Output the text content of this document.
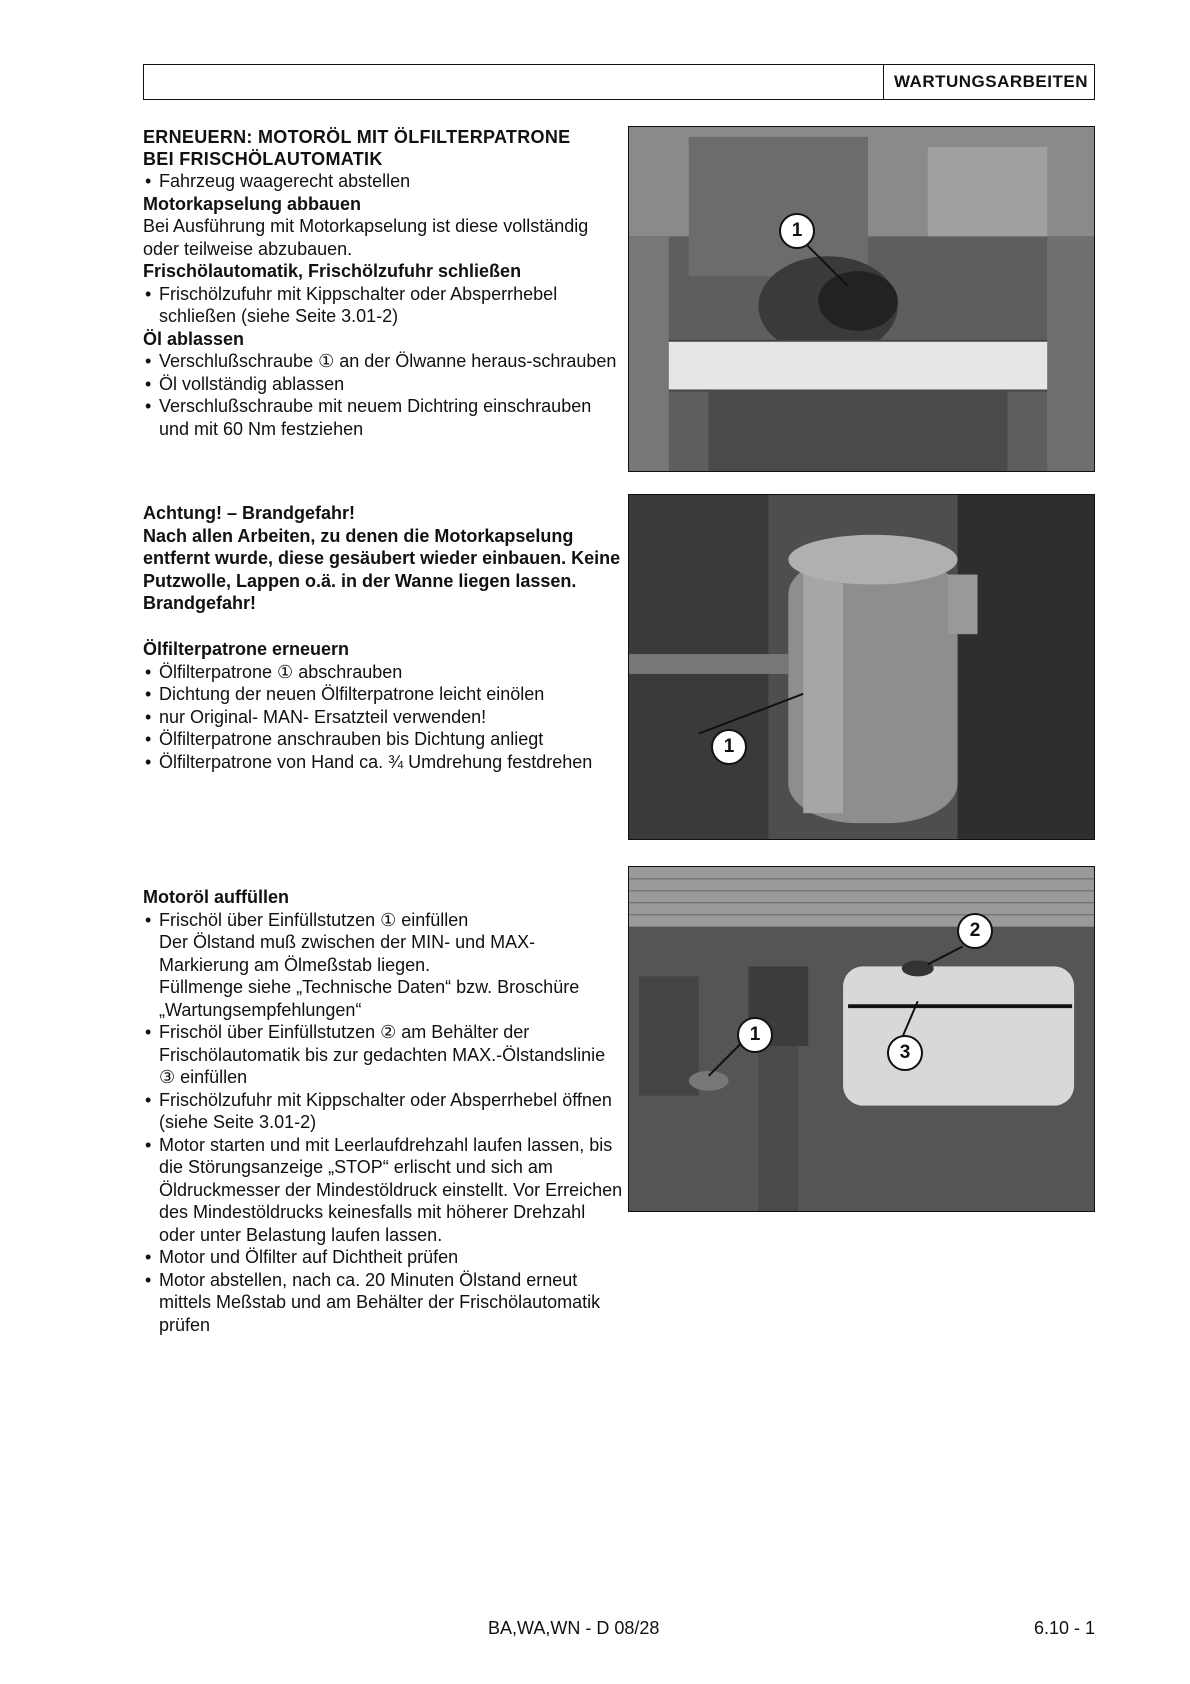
WARTUNGSARBEITEN
ERNEUERN: MOTORÖL MIT ÖLFILTERPATRONE
BEI FRISCHÖLAUTOMATIK
• Fahrzeug waagerecht abstellen
Motorkapselung abbauen

Bei Ausführung mit Motorkapselung ist diese vollständig oder teilweise abzubauen.

Frischölautomatik, Frischölzufuhr schließen
• Frischölzufuhr mit Kippschalter oder Absperrhebel schließen (siehe Seite 3.01-2)
Öl ablassen
• Verschlußschraube ① an der Ölwanne heraus-schrauben
• Öl vollständig ablassen
• Verschlußschraube mit neuem Dichtring einschrauben und mit 60 Nm festziehen

Achtung! – Brandgefahr!

Nach allen Arbeiten, zu denen die Motorkapselung entfernt wurde, diese gesäubert wieder einbauen. Keine Putzwolle, Lappen o.ä. in der Wanne liegen lassen. Brandgefahr!

Ölfilterpatrone erneuern
• Ölfilterpatrone ① abschrauben
• Dichtung der neuen Ölfilterpatrone leicht einölen
• nur Original- MAN- Ersatzteil verwenden!
• Ölfilterpatrone anschrauben bis Dichtung anliegt
• Ölfilterpatrone von Hand ca. ¾ Umdrehung festdrehen
Motoröl auffüllen
• Frischöl über Einfüllstutzen ① einfüllen
Der Ölstand muß zwischen der MIN- und MAX-Markierung am Ölmeßstab liegen.
Füllmenge siehe „Technische Daten“ bzw. Broschüre „Wartungsempfehlungen“
• Frischöl über Einfüllstutzen ② am Behälter der Frischölautomatik bis zur gedachten MAX.-Ölstandslinie ③ einfüllen
• Frischölzufuhr mit Kippschalter oder Absperrhebel öffnen (siehe Seite 3.01-2)
• Motor starten und mit Leerlaufdrehzahl laufen lassen, bis die Störungsanzeige „STOP“ erlischt und sich am Öldruckmesser der Mindestöldruck einstellt. Vor Erreichen des Mindestöldrucks keinesfalls mit höherer Drehzahl oder unter Belastung laufen lassen.
• Motor und Ölfilter auf Dichtheit prüfen
• Motor abstellen, nach ca. 20 Minuten Ölstand erneut mittels Meßstab und am Behälter der Frischölautomatik prüfen
1
1
1
2
3
BA,WA,WN - D 08/28	6.10 - 1
